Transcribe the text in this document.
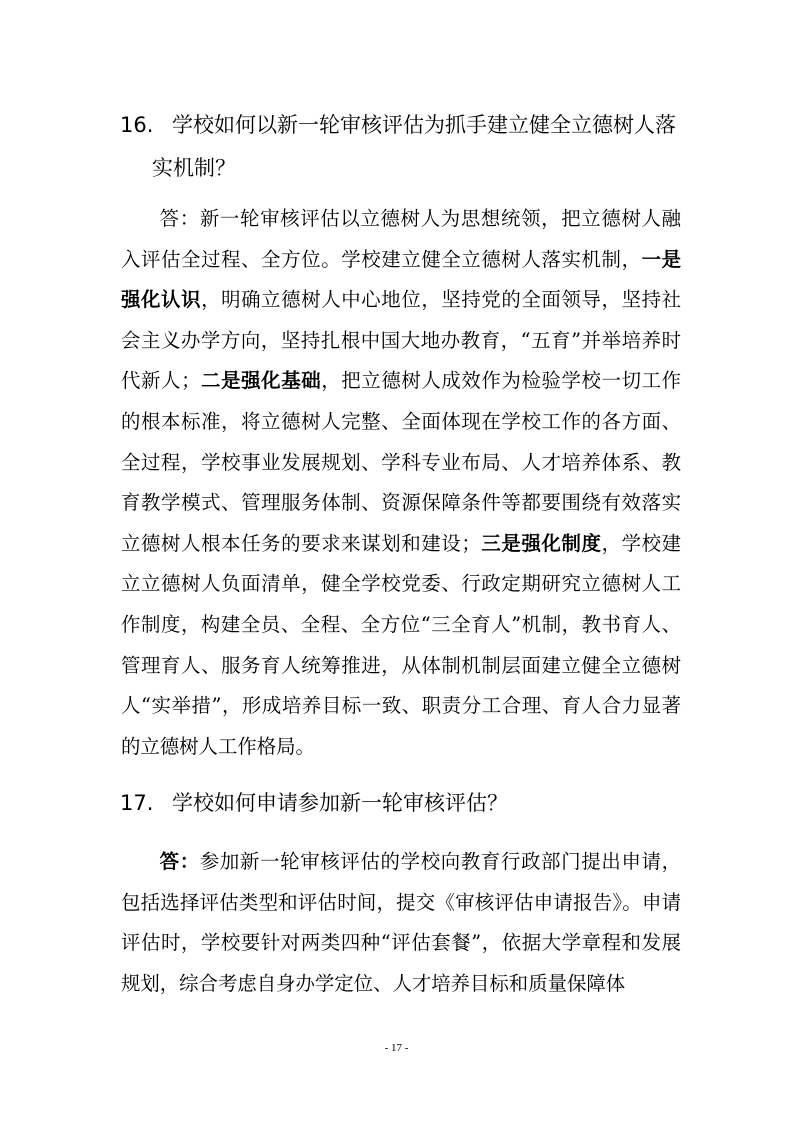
16. 学校如何以新一轮审核评估为抓手建立健全立德树人落
实机制？
答：新一轮审核评估以立德树人为思想统领，把立德树人融入评估全过程、全方位。学校建立健全立德树人落实机制，一是强化认识，明确立德树人中心地位，坚持党的全面领导，坚持社会主义办学方向，坚持扎根中国大地办教育，“五育”并举培养时代新人；二是强化基础，把立德树人成效作为检验学校一切工作的根本标准，将立德树人完整、全面体现在学校工作的各方面、全过程，学校事业发展规划、学科专业布局、人才培养体系、教育教学模式、管理服务体制、资源保障条件等都要围绕有效落实立德树人根本任务的要求来谋划和建设；三是强化制度，学校建立立德树人负面清单，健全学校党委、行政定期研究立德树人工作制度，构建全员、全程、全方位“三全育人”机制，教书育人、管理育人、服务育人统筹推进，从体制机制层面建立健全立德树人“实举措”，形成培养目标一致、职责分工合理、育人合力显著的立德树人工作格局。
17. 学校如何申请参加新一轮审核评估？
答：参加新一轮审核评估的学校向教育行政部门提出申请，包括选择评估类型和评估时间，提交《审核评估申请报告》。申请评估时，学校要针对两类四种“评估套餐”，依据大学章程和发展规划，综合考虑自身办学定位、人才培养目标和质量保障体
- 17 -
